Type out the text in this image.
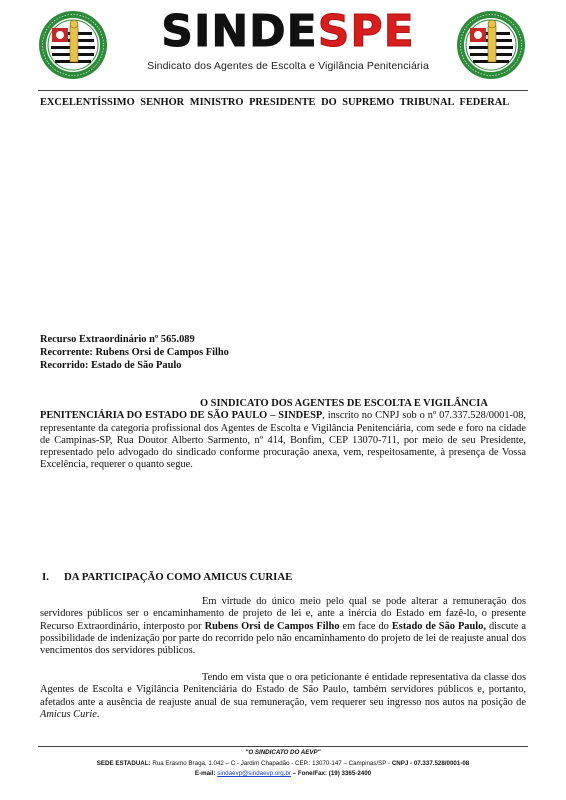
SINDESPE
Sindicato dos Agentes de Escolta e Vigilância Penitenciária
EXCELENTÍSSIMO SENHOR MINISTRO PRESIDENTE DO SUPREMO TRIBUNAL FEDERAL
Recurso Extraordinário nº 565.089
Recorrente: Rubens Orsi de Campos Filho
Recorrido: Estado de São Paulo
O SINDICATO DOS AGENTES DE ESCOLTA E VIGILÂNCIA
PENITENCIÁRIA DO ESTADO DE SÃO PAULO – SINDESP, inscrito no CNPJ sob o nº 07.337.528/0001-08, representante da categoria profissional dos Agentes de Escolta e Vigilância Penitenciária, com sede e foro na cidade de Campinas-SP, Rua Doutor Alberto Sarmento, nº 414, Bonfim, CEP 13070-711, por meio de seu Presidente, representado pelo advogado do sindicado conforme procuração anexa, vem, respeitosamente, à presença de Vossa Excelência, requerer o quanto segue.
I. DA PARTICIPAÇÃO COMO AMICUS CURIAE
Em virtude do único meio pelo qual se pode alterar a remuneração dos servidores públicos ser o encaminhamento de projeto de lei e, ante a inércia do Estado em fazê-lo, o presente Recurso Extraordinário, interposto por Rubens Orsi de Campos Filho em face do Estado de São Paulo, discute a possibilidade de indenização por parte do recorrido pelo não encaminhamento do projeto de lei de reajuste anual dos vencimentos dos servidores públicos.
Tendo em vista que o ora peticionante é entidade representativa da classe dos Agentes de Escolta e Vigilância Penitenciária do Estado de São Paulo, também servidores públicos e, portanto, afetados ante a ausência de reajuste anual de sua remuneração, vem requerer seu ingresso nos autos na posição de Amicus Curie.
"O SINDICATO DO AEVP"
SEDE ESTADUAL: Rua Erasmo Braga, 1.042 – C - Jardim Chapadão - CEP.: 13070-147 – Campinas/SP - CNPJ - 07.337.528/0001-08
E-mail: sindaevp@sindaevp.org.br – Fone/Fax: (19) 3365-2400
